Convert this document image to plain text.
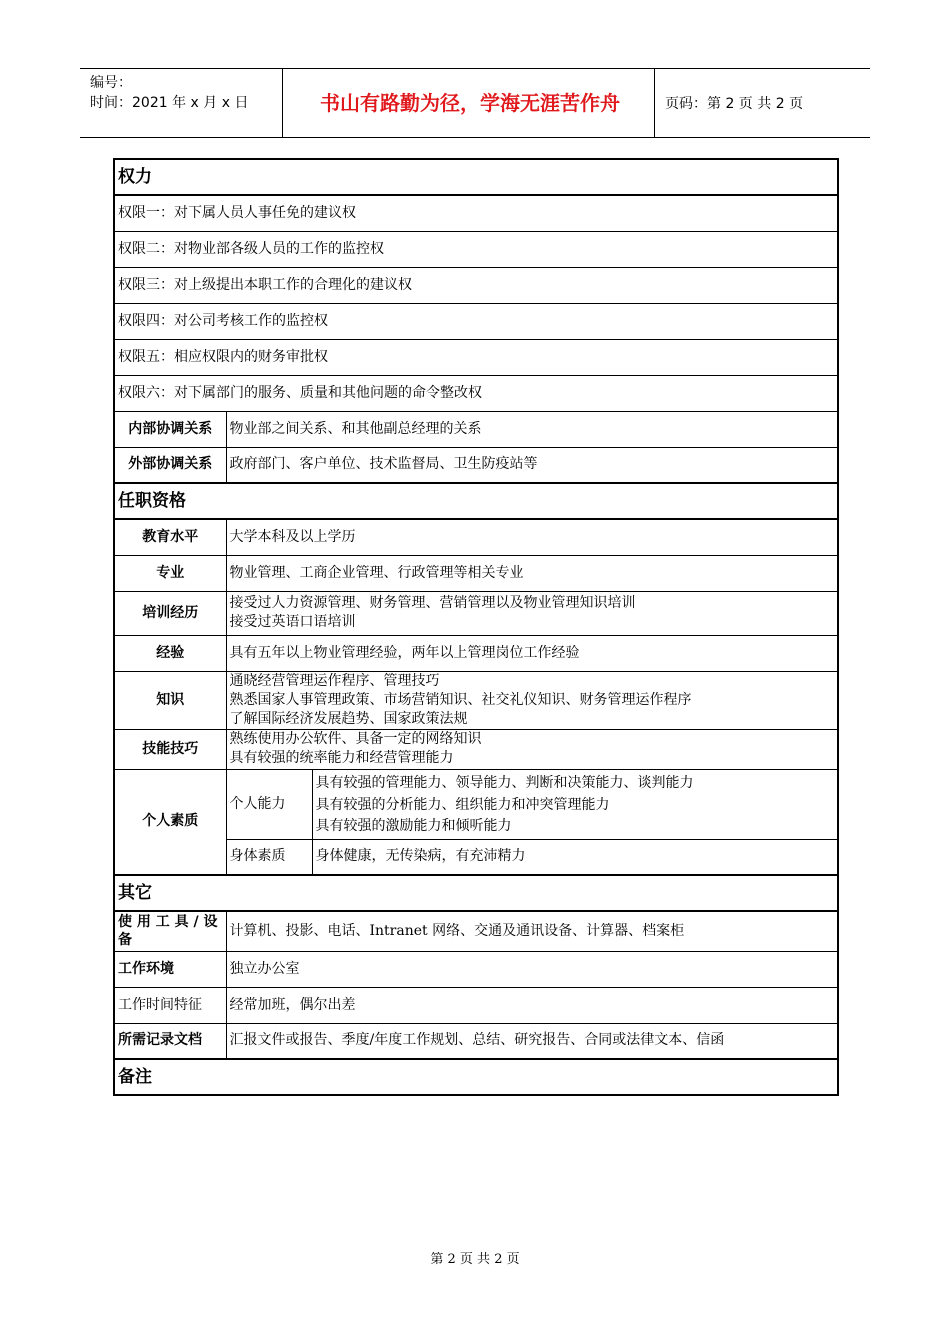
编号：
时间：2021 年 x 月 x 日	书山有路勤为径，学海无涯苦作舟	页码：第 2 页 共 2 页
权力		
权限一：对下属人员人事任免的建议权		
权限二：对物业部各级人员的工作的监控权		
权限三：对上级提出本职工作的合理化的建议权		
权限四：对公司考核工作的监控权		
权限五：相应权限内的财务审批权		
权限六：对下属部门的服务、质量和其他问题的命令整改权		
内部协调关系	物业部之间关系、和其他副总经理的关系	
外部协调关系	政府部门、客户单位、技术监督局、卫生防疫站等	
任职资格		
教育水平	大学本科及以上学历	
专业	物业管理、工商企业管理、行政管理等相关专业	
培训经历	接受过人力资源管理、财务管理、营销管理以及物业管理知识培训
接受过英语口语培训	

经验	具有五年以上物业管理经验，两年以上管理岗位工作经验	
知识	通晓经营管理运作程序、管理技巧
熟悉国家人事管理政策、市场营销知识、社交礼仪知识、财务管理运作程序
了解国际经济发展趋势、国家政策法规	

技能技巧	熟练使用办公软件、具备一定的网络知识
具有较强的统率能力和经营管理能力	

个人素质	个人能力	具有较强的管理能力、领导能力、判断和决策能力、谈判能力
具有较强的分析能力、组织能力和冲突管理能力
具有较强的激励能力和倾听能力

	身体素质	身体健康，无传染病，有充沛精力
其它		
使 用 工 具 / 设 备	计算机、投影、电话、Intranet 网络、交通及通讯设备、计算器、档案柜	
工作环境	独立办公室	
工作时间特征	经常加班，偶尔出差	
所需记录文档	汇报文件或报告、季度/年度工作规划、总结、研究报告、合同或法律文本、信函	
备注		
第 2 页 共 2 页
